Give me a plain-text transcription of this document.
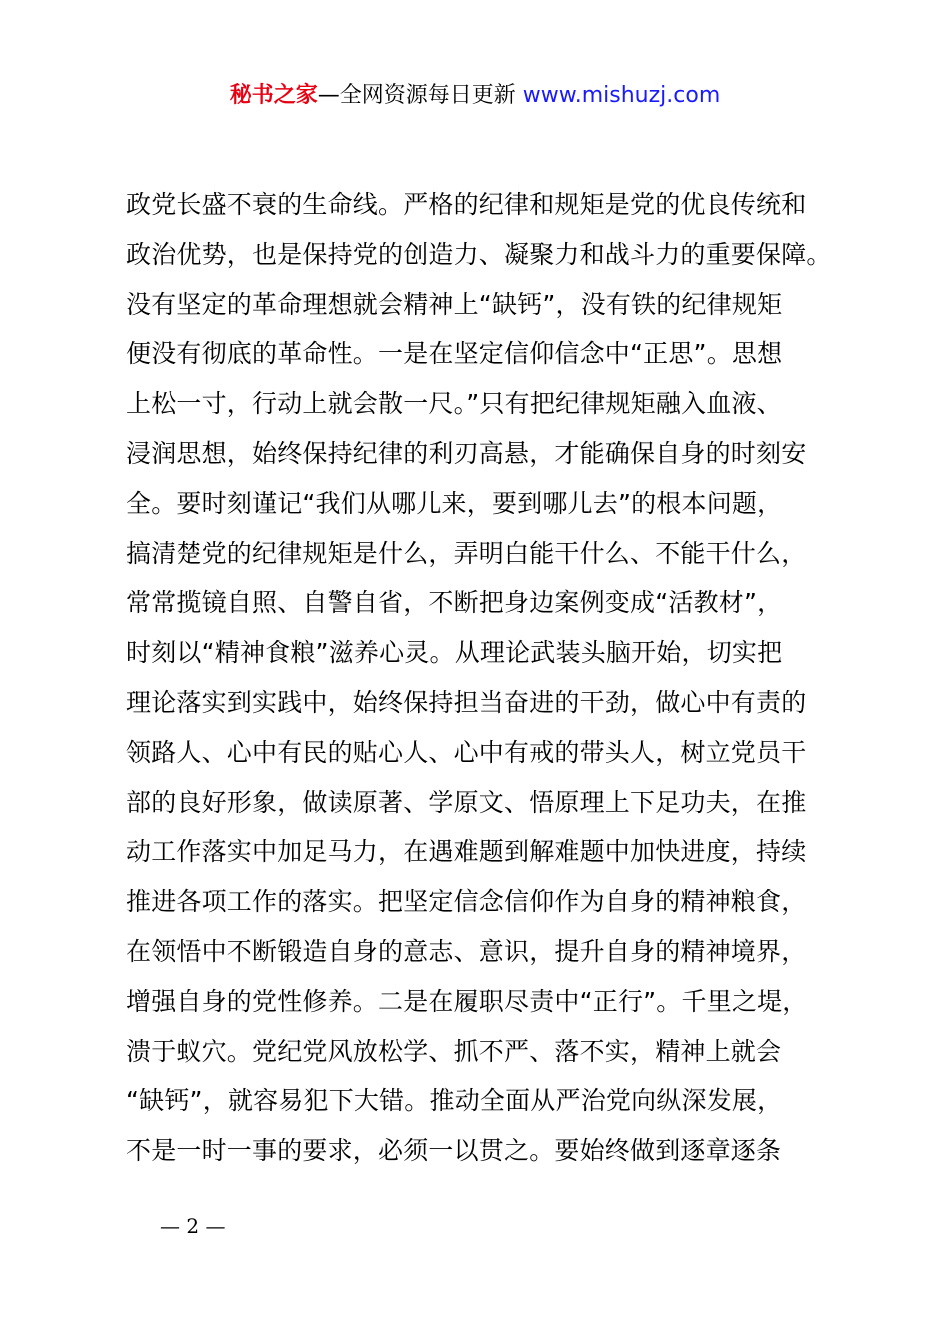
秘书之家—全网资源每日更新 www.mishuzj.com
政党长盛不衰的生命线。严格的纪律和规矩是党的优良传统和
政治优势，也是保持党的创造力、凝聚力和战斗力的重要保障。
没有坚定的革命理想就会精神上“缺钙”，没有铁的纪律规矩
便没有彻底的革命性。一是在坚定信仰信念中“正思”。思想
上松一寸，行动上就会散一尺。”只有把纪律规矩融入血液、
浸润思想，始终保持纪律的利刃高悬，才能确保自身的时刻安
全。要时刻谨记“我们从哪儿来，要到哪儿去”的根本问题，
搞清楚党的纪律规矩是什么，弄明白能干什么、不能干什么，
常常揽镜自照、自警自省，不断把身边案例变成“活教材”，
时刻以“精神食粮”滋养心灵。从理论武装头脑开始，切实把
理论落实到实践中，始终保持担当奋进的干劲，做心中有责的
领路人、心中有民的贴心人、心中有戒的带头人，树立党员干
部的良好形象，做读原著、学原文、悟原理上下足功夫，在推
动工作落实中加足马力，在遇难题到解难题中加快进度，持续
推进各项工作的落实。把坚定信念信仰作为自身的精神粮食，
在领悟中不断锻造自身的意志、意识，提升自身的精神境界，
增强自身的党性修养。二是在履职尽责中“正行”。千里之堤，
溃于蚁穴。党纪党风放松学、抓不严、落不实，精神上就会
“缺钙”，就容易犯下大错。推动全面从严治党向纵深发展，
不是一时一事的要求，必须一以贯之。要始终做到逐章逐条
— 2 —
